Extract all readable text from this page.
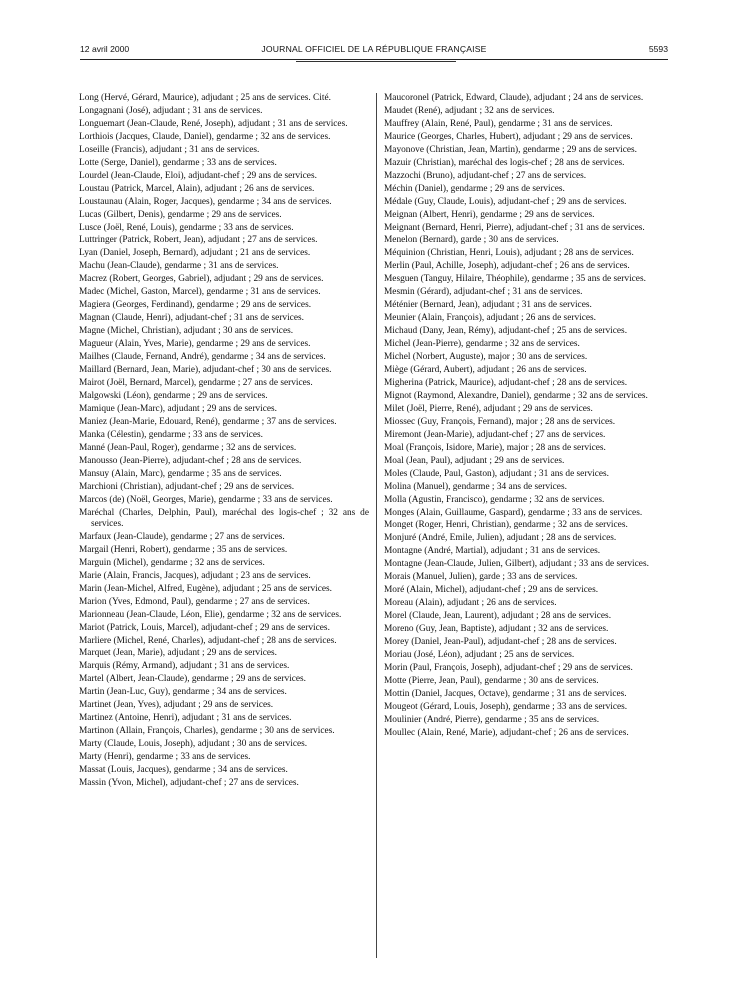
12 avril 2000	JOURNAL OFFICIEL DE LA RÉPUBLIQUE FRANÇAISE	5593

Long (Hervé, Gérard, Maurice), adjudant ; 25 ans de services. Cité.

Longagnani (José), adjudant ; 31 ans de services.

Longuemart (Jean-Claude, René, Joseph), adjudant ; 31 ans de services.

Lorthiois (Jacques, Claude, Daniel), gendarme ; 32 ans de services.

Loseille (Francis), adjudant ; 31 ans de services.

Lotte (Serge, Daniel), gendarme ; 33 ans de services.

Lourdel (Jean-Claude, Eloi), adjudant-chef ; 29 ans de services.

Loustau (Patrick, Marcel, Alain), adjudant ; 26 ans de services.

Loustaunau (Alain, Roger, Jacques), gendarme ; 34 ans de services.

Lucas (Gilbert, Denis), gendarme ; 29 ans de services.

Lusce (Joël, René, Louis), gendarme ; 33 ans de services.

Luttringer (Patrick, Robert, Jean), adjudant ; 27 ans de services.

Lyan (Daniel, Joseph, Bernard), adjudant ; 21 ans de services.

Machu (Jean-Claude), gendarme ; 31 ans de services.

Macrez (Robert, Georges, Gabriel), adjudant ; 29 ans de services.

Madec (Michel, Gaston, Marcel), gendarme ; 31 ans de services.

Magiera (Georges, Ferdinand), gendarme ; 29 ans de services.

Magnan (Claude, Henri), adjudant-chef ; 31 ans de services.

Magne (Michel, Christian), adjudant ; 30 ans de services.

Magueur (Alain, Yves, Marie), gendarme ; 29 ans de services.

Mailhes (Claude, Fernand, André), gendarme ; 34 ans de services.

Maillard (Bernard, Jean, Marie), adjudant-chef ; 30 ans de services.

Mairot (Joël, Bernard, Marcel), gendarme ; 27 ans de services.

Malgowski (Léon), gendarme ; 29 ans de services.

Mamique (Jean-Marc), adjudant ; 29 ans de services.

Maniez (Jean-Marie, Edouard, René), gendarme ; 37 ans de services.

Manka (Célestin), gendarme ; 33 ans de services.

Manné (Jean-Paul, Roger), gendarme ; 32 ans de services.

Manousso (Jean-Pierre), adjudant-chef ; 28 ans de services.

Mansuy (Alain, Marc), gendarme ; 35 ans de services.

Marchioni (Christian), adjudant-chef ; 29 ans de services.

Marcos (de) (Noël, Georges, Marie), gendarme ; 33 ans de services.

Maréchal (Charles, Delphin, Paul), maréchal des logis-chef ; 32 ans de services.

Marfaux (Jean-Claude), gendarme ; 27 ans de services.

Margail (Henri, Robert), gendarme ; 35 ans de services.

Marguin (Michel), gendarme ; 32 ans de services.

Marie (Alain, Francis, Jacques), adjudant ; 23 ans de services.

Marin (Jean-Michel, Alfred, Eugène), adjudant ; 25 ans de services.

Marion (Yves, Edmond, Paul), gendarme ; 27 ans de services.

Marionneau (Jean-Claude, Léon, Elie), gendarme ; 32 ans de services.

Mariot (Patrick, Louis, Marcel), adjudant-chef ; 29 ans de services.

Marliere (Michel, René, Charles), adjudant-chef ; 28 ans de services.

Marquet (Jean, Marie), adjudant ; 29 ans de services.

Marquis (Rémy, Armand), adjudant ; 31 ans de services.

Martel (Albert, Jean-Claude), gendarme ; 29 ans de services.

Martin (Jean-Luc, Guy), gendarme ; 34 ans de services.

Martinet (Jean, Yves), adjudant ; 29 ans de services.

Martinez (Antoine, Henri), adjudant ; 31 ans de services.

Martinon (Allain, François, Charles), gendarme ; 30 ans de services.

Marty (Claude, Louis, Joseph), adjudant ; 30 ans de services.

Marty (Henri), gendarme ; 33 ans de services.

Massat (Louis, Jacques), gendarme ; 34 ans de services.

Massin (Yvon, Michel), adjudant-chef ; 27 ans de services.

Maucoronel (Patrick, Edward, Claude), adjudant ; 24 ans de services.

Maudet (René), adjudant ; 32 ans de services.

Mauffrey (Alain, René, Paul), gendarme ; 31 ans de services.

Maurice (Georges, Charles, Hubert), adjudant ; 29 ans de services.

Mayonove (Christian, Jean, Martin), gendarme ; 29 ans de services.

Mazuir (Christian), maréchal des logis-chef ; 28 ans de services.

Mazzochi (Bruno), adjudant-chef ; 27 ans de services.

Méchin (Daniel), gendarme ; 29 ans de services.

Médale (Guy, Claude, Louis), adjudant-chef ; 29 ans de services.

Meignan (Albert, Henri), gendarme ; 29 ans de services.

Meignant (Bernard, Henri, Pierre), adjudant-chef ; 31 ans de services.

Menelon (Bernard), garde ; 30 ans de services.

Méquinion (Christian, Henri, Louis), adjudant ; 28 ans de services.

Merlin (Paul, Achille, Joseph), adjudant-chef ; 26 ans de services.

Mesguen (Tanguy, Hilaire, Théophile), gendarme ; 35 ans de services.

Mesmin (Gérard), adjudant-chef ; 31 ans de services.

Méténier (Bernard, Jean), adjudant ; 31 ans de services.

Meunier (Alain, François), adjudant ; 26 ans de services.

Michaud (Dany, Jean, Rémy), adjudant-chef ; 25 ans de services.

Michel (Jean-Pierre), gendarme ; 32 ans de services.

Michel (Norbert, Auguste), major ; 30 ans de services.

Miège (Gérard, Aubert), adjudant ; 26 ans de services.

Migherina (Patrick, Maurice), adjudant-chef ; 28 ans de services.

Mignot (Raymond, Alexandre, Daniel), gendarme ; 32 ans de services.

Milet (Joël, Pierre, René), adjudant ; 29 ans de services.

Miossec (Guy, François, Fernand), major ; 28 ans de services.

Miremont (Jean-Marie), adjudant-chef ; 27 ans de services.

Moal (François, Isidore, Marie), major ; 28 ans de services.

Moal (Jean, Paul), adjudant ; 29 ans de services.

Moles (Claude, Paul, Gaston), adjudant ; 31 ans de services.

Molina (Manuel), gendarme ; 34 ans de services.

Molla (Agustin, Francisco), gendarme ; 32 ans de services.

Monges (Alain, Guillaume, Gaspard), gendarme ; 33 ans de services.

Monget (Roger, Henri, Christian), gendarme ; 32 ans de services.

Monjuré (André, Emile, Julien), adjudant ; 28 ans de services.

Montagne (André, Martial), adjudant ; 31 ans de services.

Montagne (Jean-Claude, Julien, Gilbert), adjudant ; 33 ans de services.

Morais (Manuel, Julien), garde ; 33 ans de services.

Moré (Alain, Michel), adjudant-chef ; 29 ans de services.

Moreau (Alain), adjudant ; 26 ans de services.

Morel (Claude, Jean, Laurent), adjudant ; 28 ans de services.

Moreno (Guy, Jean, Baptiste), adjudant ; 32 ans de services.

Morey (Daniel, Jean-Paul), adjudant-chef ; 28 ans de services.

Moriau (José, Léon), adjudant ; 25 ans de services.

Morin (Paul, François, Joseph), adjudant-chef ; 29 ans de services.

Motte (Pierre, Jean, Paul), gendarme ; 30 ans de services.

Mottin (Daniel, Jacques, Octave), gendarme ; 31 ans de services.

Mougeot (Gérard, Louis, Joseph), gendarme ; 33 ans de services.

Moulinier (André, Pierre), gendarme ; 35 ans de services.

Moullec (Alain, René, Marie), adjudant-chef ; 26 ans de services.
